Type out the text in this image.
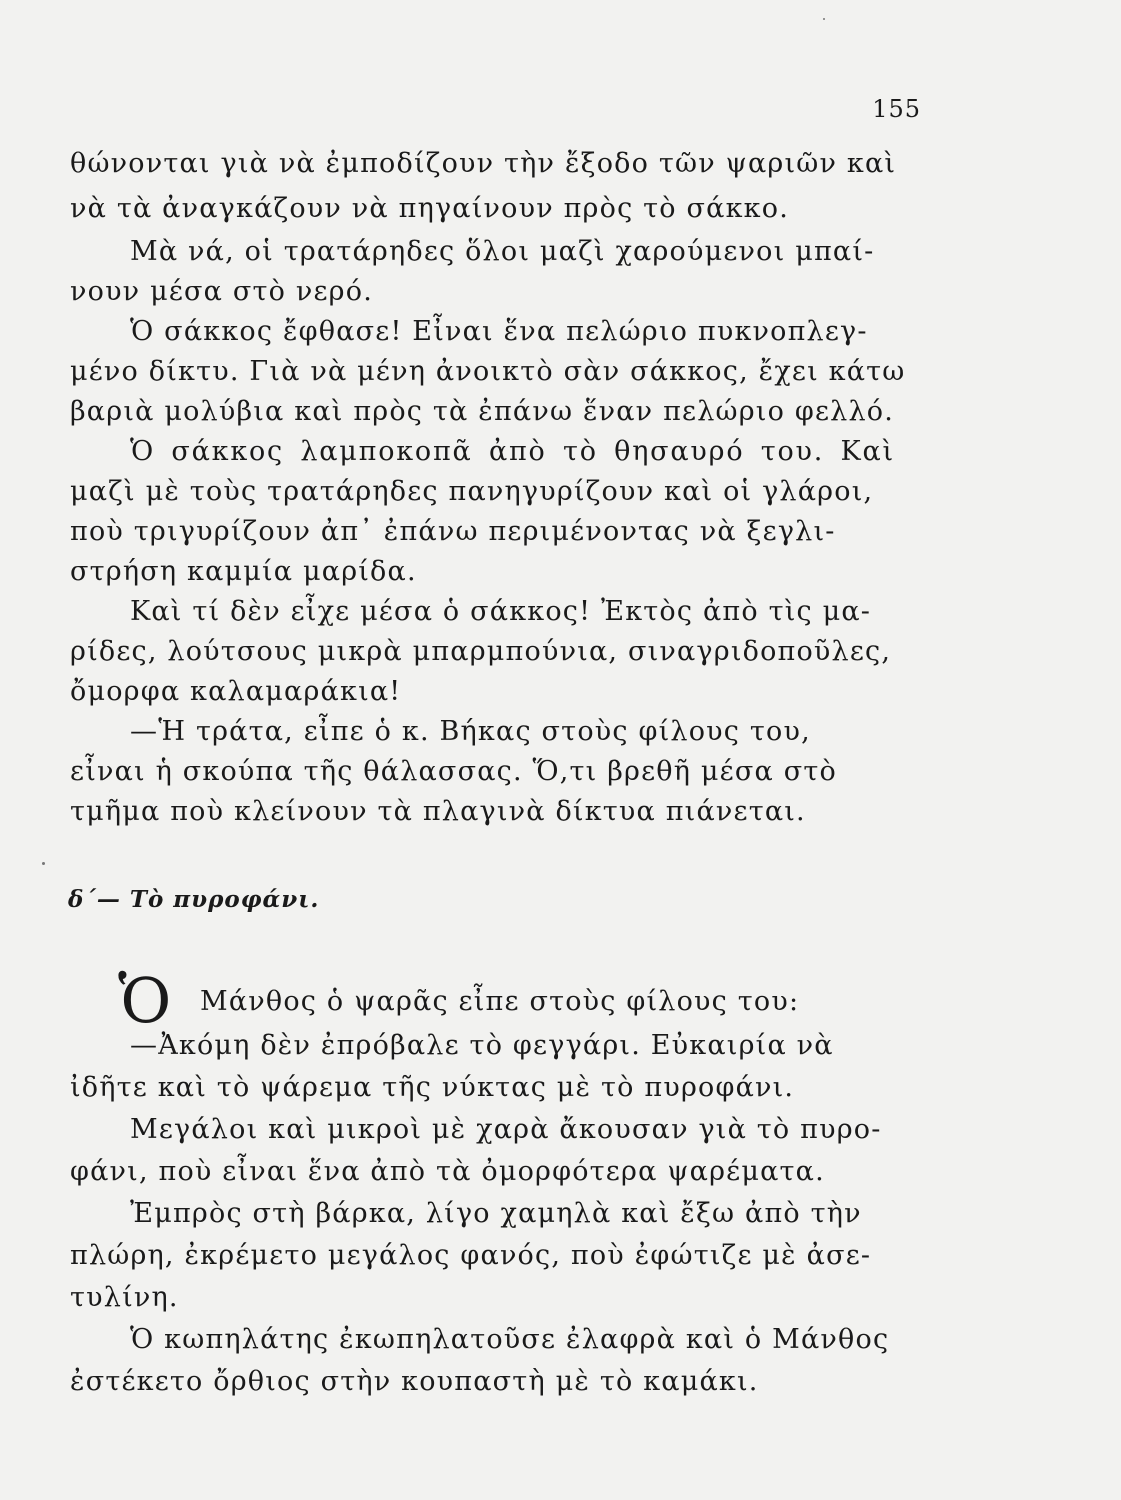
155
θώνονται γιὰ νὰ ἐμποδίζουν τὴν ἔξοδο τῶν ψαριῶν καὶ
νὰ τὰ ἀναγκάζουν νὰ πηγαίνουν πρὸς τὸ σάκκο.
Μὰ νά, οἱ τρατάρηδες ὅλοι μαζὶ χαρούμενοι μπαί-
νουν μέσα στὸ νερό.
Ὁ σάκκος ἔφθασε! Εἶναι ἕνα πελώριο πυκνοπλεγ-
μένο δίκτυ. Γιὰ νὰ μένη ἀνοικτὸ σὰν σάκκος, ἔχει κάτω
βαριὰ μολύβια καὶ πρὸς τὰ ἐπάνω ἕναν πελώριο φελλό.
Ὁ σάκκος λαμποκοπᾶ ἀπὸ τὸ θησαυρό του. Καὶ
μαζὶ μὲ τοὺς τρατάρηδες πανηγυρίζουν καὶ οἱ γλάροι,
ποὺ τριγυρίζουν ἀπ᾽ ἐπάνω περιμένοντας νὰ ξεγλι-
στρήση καμμία μαρίδα.
Καὶ τί δὲν εἶχε μέσα ὁ σάκκος! Ἐκτὸς ἀπὸ τὶς μα-
ρίδες, λούτσους μικρὰ μπαρμπούνια, σιναγριδοποῦλες,
ὄμορφα καλαμαράκια!
—Ἡ τράτα, εἶπε ὁ κ. Βήκας στοὺς φίλους του,
εἶναι ἡ σκούπα τῆς θάλασσας. Ὅ,τι βρεθῆ μέσα στὸ
τμῆμα ποὺ κλείνουν τὰ πλαγινὰ δίκτυα πιάνεται.
δ΄— Τὸ πυροφάνι.
Ὁ Μάνθος ὁ ψαρᾶς εἶπε στοὺς φίλους του:
—Ἀκόμη δὲν ἐπρόβαλε τὸ φεγγάρι. Εὐκαιρία νὰ
ἰδῆτε καὶ τὸ ψάρεμα τῆς νύκτας μὲ τὸ πυροφάνι.
Μεγάλοι καὶ μικροὶ μὲ χαρὰ ἄκουσαν γιὰ τὸ πυρο-
φάνι, ποὺ εἶναι ἕνα ἀπὸ τὰ ὀμορφότερα ψαρέματα.
Ἐμπρὸς στὴ βάρκα, λίγο χαμηλὰ καὶ ἔξω ἀπὸ τὴν
πλώρη, ἐκρέμετο μεγάλος φανός, ποὺ ἐφώτιζε μὲ ἀσε-
τυλίνη.
Ὁ κωπηλάτης ἐκωπηλατοῦσε ἐλαφρὰ καὶ ὁ Μάνθος
ἐστέκετο ὄρθιος στὴν κουπαστὴ μὲ τὸ καμάκι.
